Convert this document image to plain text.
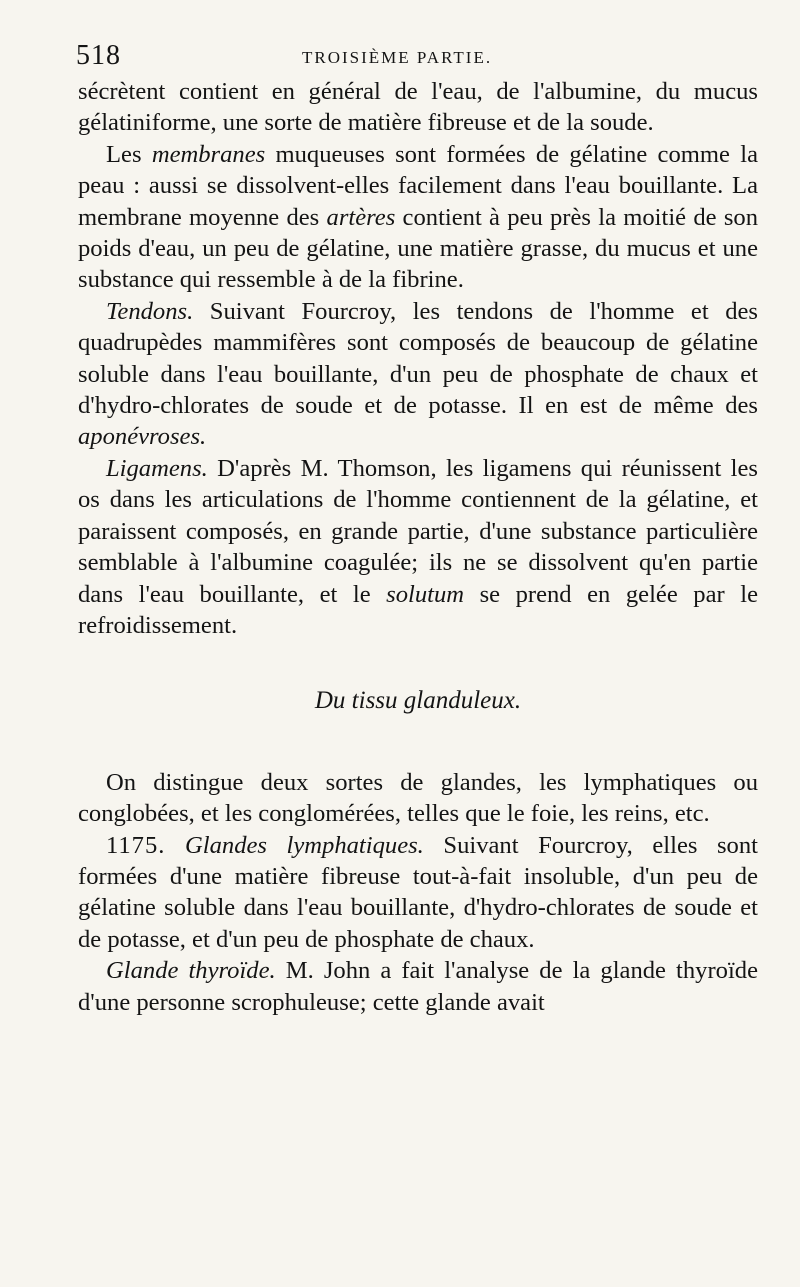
518	TROISIÈME PARTIE.

sécrètent contient en général de l'eau, de l'albumine, du mucus gélatiniforme, une sorte de matière fibreuse et de la soude.

Les membranes muqueuses sont formées de gélatine comme la peau : aussi se dissolvent-elles facilement dans l'eau bouillante. La membrane moyenne des artères contient à peu près la moitié de son poids d'eau, un peu de gélatine, une matière grasse, du mucus et une substance qui ressemble à de la fibrine.

Tendons. Suivant Fourcroy, les tendons de l'homme et des quadrupèdes mammifères sont composés de beaucoup de gélatine soluble dans l'eau bouillante, d'un peu de phosphate de chaux et d'hydro-chlorates de soude et de potasse. Il en est de même des aponévroses.

Ligamens. D'après M. Thomson, les ligamens qui réunissent les os dans les articulations de l'homme contiennent de la gélatine, et paraissent composés, en grande partie, d'une substance particulière semblable à l'albumine coagulée; ils ne se dissolvent qu'en partie dans l'eau bouillante, et le solutum se prend en gelée par le refroidissement.

Du tissu glanduleux.

On distingue deux sortes de glandes, les lymphatiques ou conglobées, et les conglomérées, telles que le foie, les reins, etc.

1175. Glandes lymphatiques. Suivant Fourcroy, elles sont formées d'une matière fibreuse tout-à-fait insoluble, d'un peu de gélatine soluble dans l'eau bouillante, d'hydro-chlorates de soude et de potasse, et d'un peu de phosphate de chaux.

Glande thyroïde. M. John a fait l'analyse de la glande thyroïde d'une personne scrophuleuse; cette glande avait
